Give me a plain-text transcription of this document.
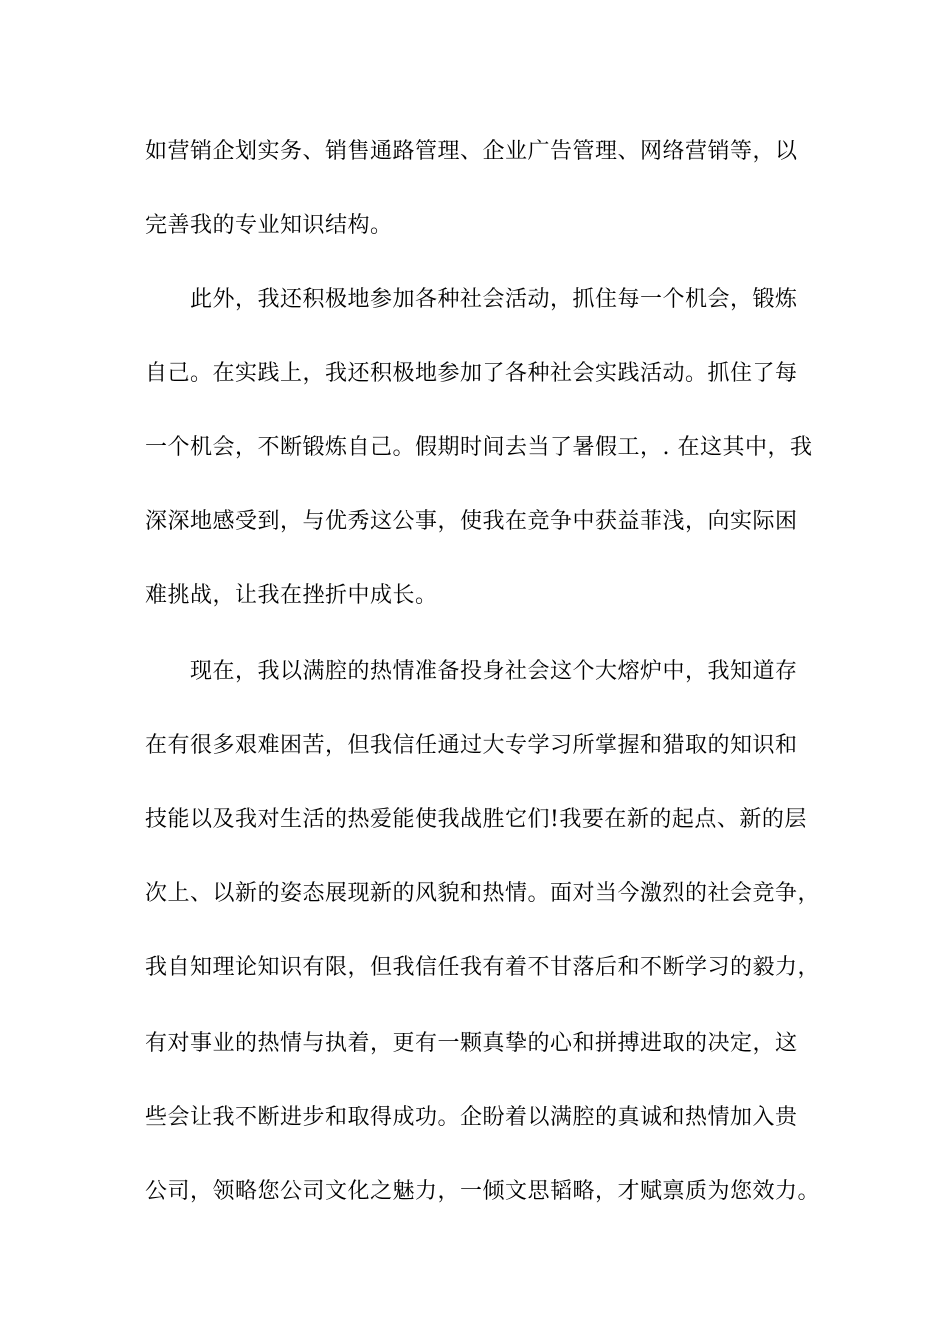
如营销企划实务、销售通路管理、企业广告管理、网络营销等，以
完善我的专业知识结构。
此外，我还积极地参加各种社会活动，抓住每一个机会，锻炼
自己。在实践上，我还积极地参加了各种社会实践活动。抓住了每
一个机会，不断锻炼自己。假期时间去当了暑假工，. 在这其中，我
深深地感受到，与优秀这公事，使我在竞争中获益菲浅，向实际困
难挑战，让我在挫折中成长。
现在，我以满腔的热情准备投身社会这个大熔炉中，我知道存
在有很多艰难困苦，但我信任通过大专学习所掌握和猎取的知识和
技能以及我对生活的热爱能使我战胜它们!我要在新的起点、新的层
次上、以新的姿态展现新的风貌和热情。面对当今激烈的社会竞争，
我自知理论知识有限，但我信任我有着不甘落后和不断学习的毅力，
有对事业的热情与执着，更有一颗真挚的心和拼搏进取的决定，这
些会让我不断进步和取得成功。企盼着以满腔的真诚和热情加入贵
公司，领略您公司文化之魅力，一倾文思韬略，才赋禀质为您效力。
